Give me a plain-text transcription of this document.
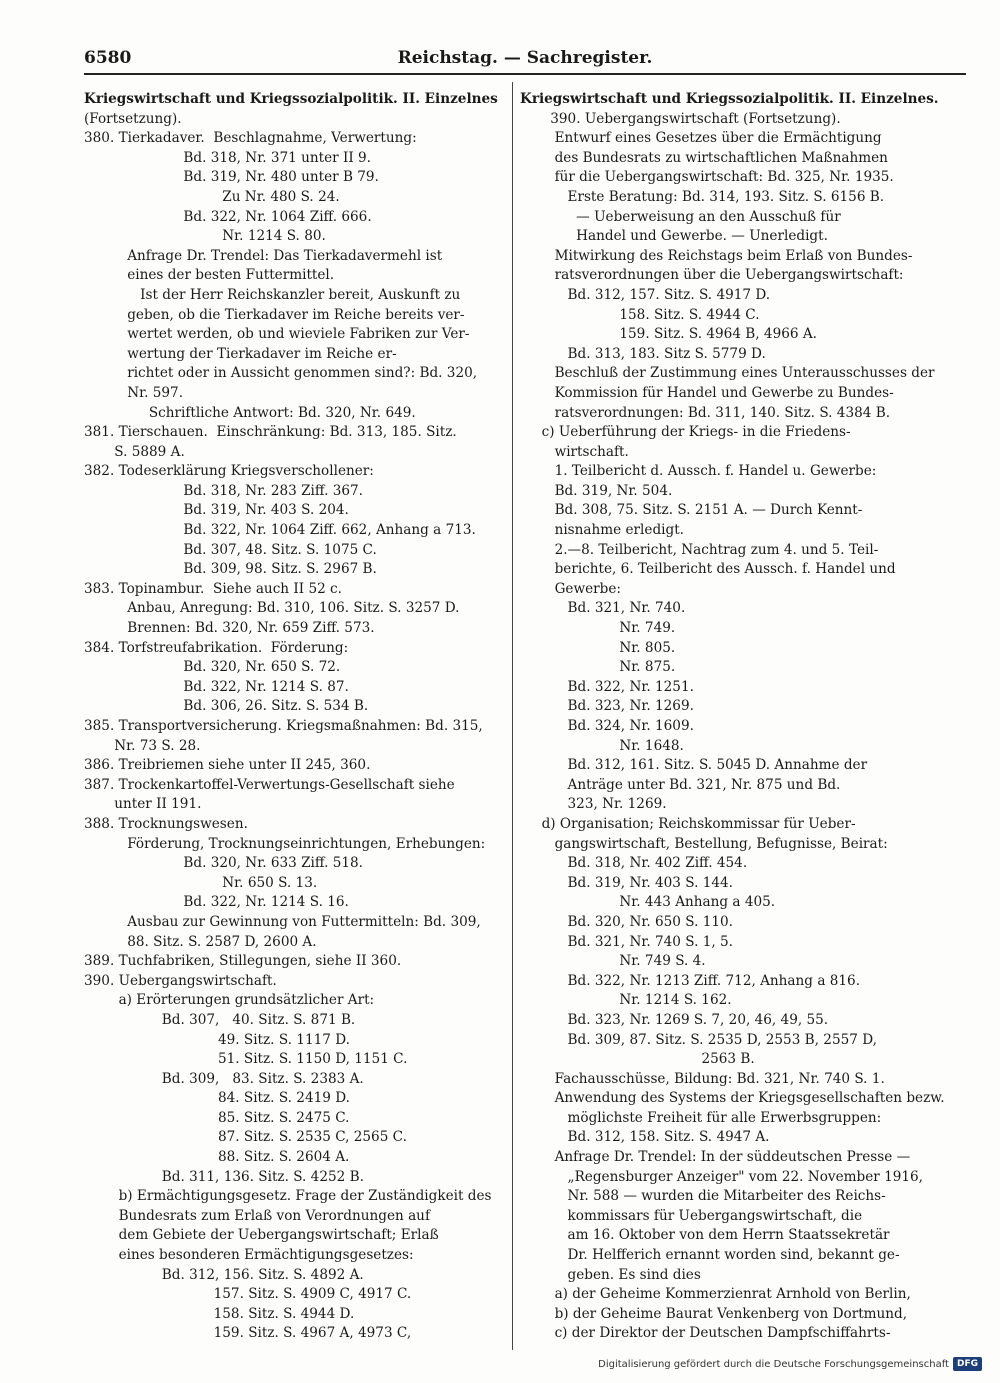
6580	Reichstag. — Sachregister.
Kriegswirtschaft und Kriegssozialpolitik. II. Einzelnes
(Fortsetzung).
380. Tierkadaver.  Beschlagnahme, Verwertung:
Bd. 318, Nr. 371 unter II 9.
Bd. 319, Nr. 480 unter B 79.
Zu Nr. 480 S. 24.
Bd. 322, Nr. 1064 Ziff. 666.
Nr. 1214 S. 80.
Anfrage Dr. Trendel: Das Tierkadavermehl ist
eines der besten Futtermittel.
Ist der Herr Reichskanzler bereit, Auskunft zu
geben, ob die Tierkadaver im Reiche bereits ver-
wertet werden, ob und wieviele Fabriken zur Ver-
wertung der Tierkadaver im Reiche er-
richtet oder in Aussicht genommen sind?: Bd. 320,
Nr. 597.
Schriftliche Antwort: Bd. 320, Nr. 649.
381. Tierschauen.  Einschränkung: Bd. 313, 185. Sitz.
S. 5889 A.
382. Todeserklärung Kriegsverschollener:
Bd. 318, Nr. 283 Ziff. 367.
Bd. 319, Nr. 403 S. 204.
Bd. 322, Nr. 1064 Ziff. 662, Anhang a 713.
Bd. 307, 48. Sitz. S. 1075 C.
Bd. 309, 98. Sitz. S. 2967 B.
383. Topinambur.  Siehe auch II 52 c.
Anbau, Anregung: Bd. 310, 106. Sitz. S. 3257 D.
Brennen: Bd. 320, Nr. 659 Ziff. 573.
384. Torfstreufabrikation.  Förderung:
Bd. 320, Nr. 650 S. 72.
Bd. 322, Nr. 1214 S. 87.
Bd. 306, 26. Sitz. S. 534 B.
385. Transportversicherung. Kriegsmaßnahmen: Bd. 315,
Nr. 73 S. 28.
386. Treibriemen siehe unter II 245, 360.
387. Trockenkartoffel-Verwertungs-Gesellschaft siehe
unter II 191.
388. Trocknungswesen.
Förderung, Trocknungseinrichtungen, Erhebungen:
Bd. 320, Nr. 633 Ziff. 518.
Nr. 650 S. 13.
Bd. 322, Nr. 1214 S. 16.
Ausbau zur Gewinnung von Futtermitteln: Bd. 309,
88. Sitz. S. 2587 D, 2600 A.
389. Tuchfabriken, Stillegungen, siehe II 360.
390. Uebergangswirtschaft.
a) Erörterungen grundsätzlicher Art:
Bd. 307,   40. Sitz. S. 871 B.
49. Sitz. S. 1117 D.
51. Sitz. S. 1150 D, 1151 C.
Bd. 309,   83. Sitz. S. 2383 A.
84. Sitz. S. 2419 D.
85. Sitz. S. 2475 C.
87. Sitz. S. 2535 C, 2565 C.
88. Sitz. S. 2604 A.
Bd. 311, 136. Sitz. S. 4252 B.
b) Ermächtigungsgesetz. Frage der Zuständigkeit des
Bundesrats zum Erlaß von Verordnungen auf
dem Gebiete der Uebergangswirtschaft; Erlaß
eines besonderen Ermächtigungsgesetzes:
Bd. 312, 156. Sitz. S. 4892 A.
157. Sitz. S. 4909 C, 4917 C.
158. Sitz. S. 4944 D.
159. Sitz. S. 4967 A, 4973 C,
Kriegswirtschaft und Kriegssozialpolitik. II. Einzelnes.
390. Uebergangswirtschaft (Fortsetzung).
Entwurf eines Gesetzes über die Ermächtigung
des Bundesrats zu wirtschaftlichen Maßnahmen
für die Uebergangswirtschaft: Bd. 325, Nr. 1935.
Erste Beratung: Bd. 314, 193. Sitz. S. 6156 B.
— Ueberweisung an den Ausschuß für
Handel und Gewerbe. — Unerledigt.
Mitwirkung des Reichstags beim Erlaß von Bundes-
ratsverordnungen über die Uebergangswirtschaft:
Bd. 312, 157. Sitz. S. 4917 D.
158. Sitz. S. 4944 C.
159. Sitz. S. 4964 B, 4966 A.
Bd. 313, 183. Sitz S. 5779 D.
Beschluß der Zustimmung eines Unterausschusses der
Kommission für Handel und Gewerbe zu Bundes-
ratsverordnungen: Bd. 311, 140. Sitz. S. 4384 B.
c) Ueberführung der Kriegs- in die Friedens-
wirtschaft.
1. Teilbericht d. Aussch. f. Handel u. Gewerbe:
Bd. 319, Nr. 504.
Bd. 308, 75. Sitz. S. 2151 A. — Durch Kennt-
nisnahme erledigt.
2.—8. Teilbericht, Nachtrag zum 4. und 5. Teil-
berichte, 6. Teilbericht des Aussch. f. Handel und
Gewerbe:
Bd. 321, Nr. 740.
Nr. 749.
Nr. 805.
Nr. 875.
Bd. 322, Nr. 1251.
Bd. 323, Nr. 1269.
Bd. 324, Nr. 1609.
Nr. 1648.
Bd. 312, 161. Sitz. S. 5045 D. Annahme der
Anträge unter Bd. 321, Nr. 875 und Bd.
323, Nr. 1269.
d) Organisation; Reichskommissar für Ueber-
gangswirtschaft, Bestellung, Befugnisse, Beirat:
Bd. 318, Nr. 402 Ziff. 454.
Bd. 319, Nr. 403 S. 144.
Nr. 443 Anhang a 405.
Bd. 320, Nr. 650 S. 110.
Bd. 321, Nr. 740 S. 1, 5.
Nr. 749 S. 4.
Bd. 322, Nr. 1213 Ziff. 712, Anhang a 816.
Nr. 1214 S. 162.
Bd. 323, Nr. 1269 S. 7, 20, 46, 49, 55.
Bd. 309, 87. Sitz. S. 2535 D, 2553 B, 2557 D,
2563 B.
Fachausschüsse, Bildung: Bd. 321, Nr. 740 S. 1.
Anwendung des Systems der Kriegsgesellschaften bezw.
möglichste Freiheit für alle Erwerbsgruppen:
Bd. 312, 158. Sitz. S. 4947 A.
Anfrage Dr. Trendel: In der süddeutschen Presse —
„Regensburger Anzeiger" vom 22. November 1916,
Nr. 588 — wurden die Mitarbeiter des Reichs-
kommissars für Uebergangswirtschaft, die
am 16. Oktober von dem Herrn Staatssekretär
Dr. Helfferich ernannt worden sind, bekannt ge-
geben. Es sind dies
a) der Geheime Kommerzienrat Arnhold von Berlin,
b) der Geheime Baurat Venkenberg von Dortmund,
c) der Direktor der Deutschen Dampfschiffahrts-
Digitalisierung gefördert durch die Deutsche Forschungsgemeinschaft DFG
